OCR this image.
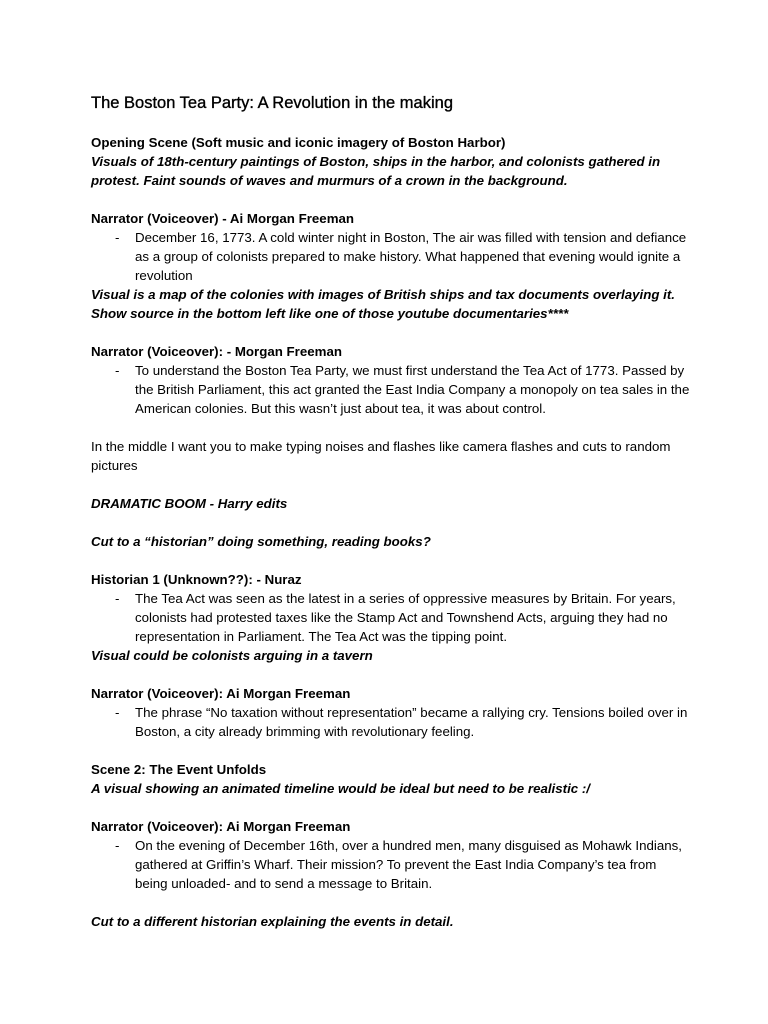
The Boston Tea Party: A Revolution in the making

Opening Scene (Soft music and iconic imagery of Boston Harbor)

Visuals of 18th-century paintings of Boston, ships in the harbor, and colonists gathered in protest. Faint sounds of waves and murmurs of a crown in the background.

Narrator (Voiceover) - Ai Morgan Freeman

- December 16, 1773. A cold winter night in Boston, The air was filled with tension and defiance as a group of colonists prepared to make history. What happened that evening would ignite a revolution

Visual is a map of the colonies with images of British ships and tax documents overlaying it. Show source in the bottom left like one of those youtube documentaries****

Narrator (Voiceover): - Morgan Freeman

- To understand the Boston Tea Party, we must first understand the Tea Act of 1773. Passed by the British Parliament, this act granted the East India Company a monopoly on tea sales in the American colonies. But this wasn’t just about tea, it was about control.

In the middle I want you to make typing noises and flashes like camera flashes and cuts to random pictures

DRAMATIC BOOM - Harry edits

Cut to a “historian” doing something, reading books?

Historian 1 (Unknown??): - Nuraz

- The Tea Act was seen as the latest in a series of oppressive measures by Britain. For years, colonists had protested taxes like the Stamp Act and Townshend Acts, arguing they had no representation in Parliament. The Tea Act was the tipping point.

Visual could be colonists arguing in a tavern

Narrator (Voiceover): Ai Morgan Freeman

- The phrase “No taxation without representation” became a rallying cry. Tensions boiled over in Boston, a city already brimming with revolutionary feeling.

Scene 2: The Event Unfolds

A visual showing an animated timeline would be ideal but need to be realistic :/

Narrator (Voiceover): Ai Morgan Freeman

- On the evening of December 16th, over a hundred men, many disguised as Mohawk Indians, gathered at Griffin’s Wharf. Their mission? To prevent the East India Company’s tea from being unloaded- and to send a message to Britain.

Cut to a different historian explaining the events in detail.
